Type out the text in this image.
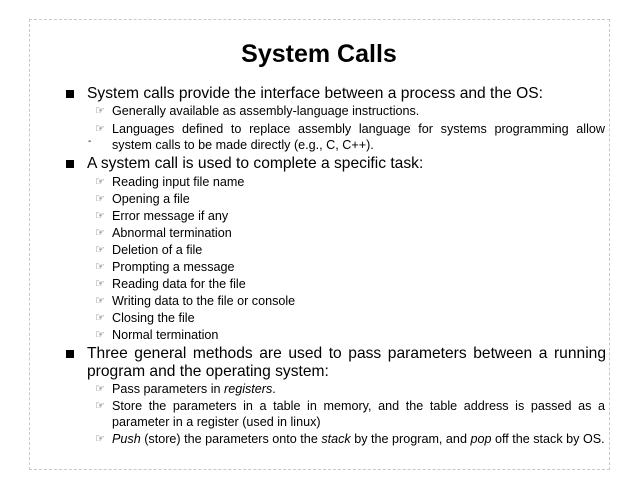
System Calls
System calls provide the interface between a process and the OS:
☞ Generally available as assembly-language instructions.
☞ Languages defined to replace assembly language for systems programming allow system calls to be made directly (e.g., C, C++).
-
A system call is used to complete a specific task:
☞ Reading input file name
☞ Opening a file
☞ Error message if any
☞ Abnormal termination
☞ Deletion of a file
☞ Prompting a message
☞ Reading data for the file
☞ Writing data to the file or console
☞ Closing the file
☞ Normal termination
Three general methods are used to pass parameters between a running program and the operating system:
☞ Pass parameters in registers.
☞ Store the parameters in a table in memory, and the table address is passed as a parameter in a register (used in linux)
☞ Push (store) the parameters onto the stack by the program, and pop off the stack by OS.
